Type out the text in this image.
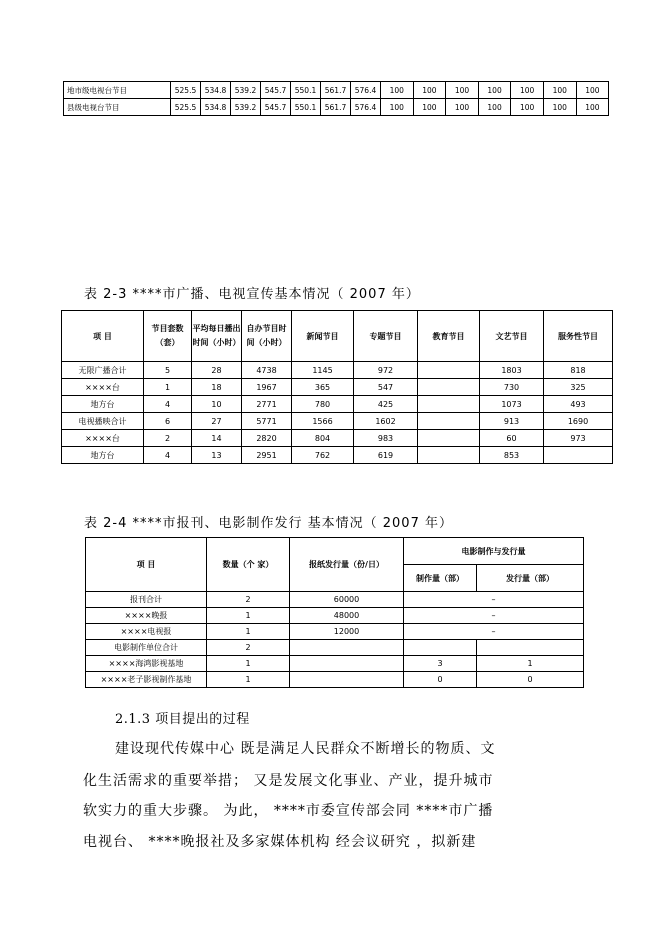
地市级电视台节目	525.5	534.8	539.2	545.7	550.1	561.7	576.4	100	100	100	100	100	100	100
县级电视台节目	525.5	534.8	539.2	545.7	550.1	561.7	576.4	100	100	100	100	100	100	100
表 2-3 ****市广播、电视宣传基本情况（ 2007 年）
项 目	节目套数（套）	平均每日播出时间（小时）	自办节目时 间（小时）	新闻节目	专题节目	教育节目	文艺节目	服务性节目
无限广播合计	5	28	4738	1145	972		1803	818
××××台	1	18	1967	365	547		730	325
地方台	4	10	2771	780	425		1073	493
电视播映合计	6	27	5771	1566	1602		913	1690
××××台	2	14	2820	804	983		60	973
地方台	4	13	2951	762	619		853	
表 2-4 ****市报刊、电影制作发行 基本情况（ 2007 年）
项 目	数量（个 家）	报纸发行量（份/日）	电影制作与发行量	
			制作量（部）	发行量（部）
报刊合计	2	60000	–	
××××晚报	1	48000	–	
××××电视报	1	12000	–	
电影制作单位合计	2			
××××海鸿影视基地	1		3	1
××××老子影视制作基地	1		0	0
2.1.3 项目提出的过程
建设现代传媒中心 既是满足人民群众不断增长的物质、文
化生活需求的重要举措； 又是发展文化事业、产业，提升城市
软实力的重大步骤。 为此， ****市委宣传部会同 ****市广播
电视台、 ****晚报社及多家媒体机构 经会议研究 ，拟新建
